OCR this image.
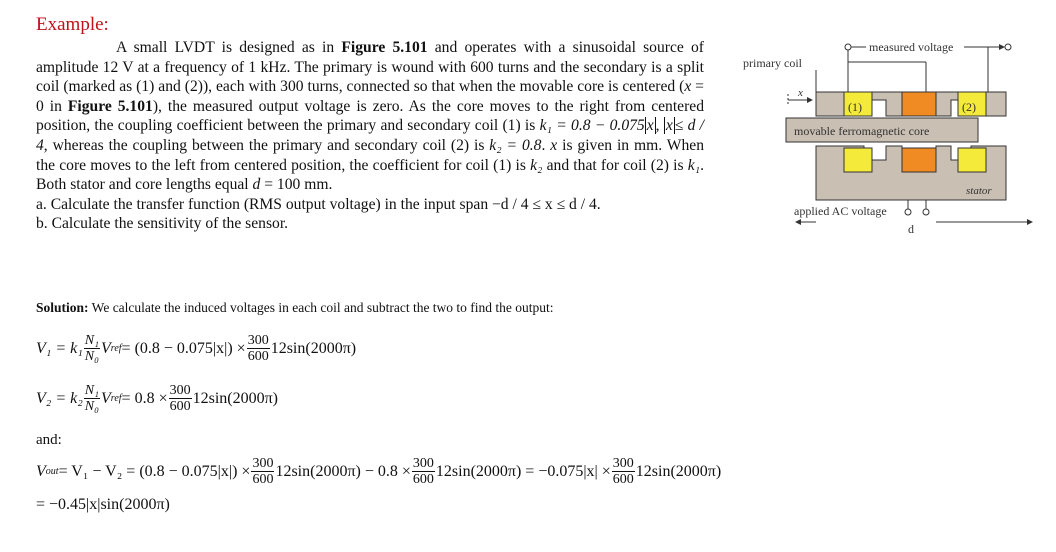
Example:

A small LVDT is designed as in Figure 5.101 and operates with a sinusoidal source of amplitude 12 V at a frequency of 1 kHz. The primary is wound with 600 turns and the secondary is a split coil (marked as (1) and (2)), each with 300 turns, connected so that when the movable core is centered (x = 0 in Figure 5.101), the measured output voltage is zero. As the core moves to the right from centered position, the coupling coefficient between the primary and secondary coil (1) is k₁ = 0.8 − 0.075 x , x ≤ d / 4, whereas the coupling between the primary and secondary coil (2) is k₂ = 0.8. x is given in mm. When the core moves to the left from centered position, the coefficient for coil (1) is k₂ and that for coil (2) is k₁. Both stator and core lengths equal d = 100 mm.

a. Calculate the transfer function (RMS output voltage) in the input span −d / 4 ≤ x ≤ d / 4.

b. Calculate the sensitivity of the sensor.

measured voltage
primary coil
(1)	(2)
x
movable ferromagnetic core
stator
applied AC voltage
d
Solution: We calculate the induced voltages in each coil and subtract the two to find the output:
$V_1 = k_1 \frac{\text{N₁}}{\text{N₀}}$ V ref = $(0.8 - 0.075|x|) \times \frac{300}{600} 12\sin(2000\pi)$
$V_2 = k_2 \frac{\text{N₁}}{\text{N₀}}$ V ref = $0.8 \times \frac{300}{600} 12\sin(2000\pi)$
and:
V out = $V_1 - V_2 = (0.8 - 0.075|x|) \times \frac{300}{600} 12\sin(2000\pi) - 0.8 \times \frac{300}{600} 12\sin(2000\pi) = -0.075|x| \times \frac{300}{600} 12\sin(2000\pi)$
= −0.45|x|sin(2000π)
